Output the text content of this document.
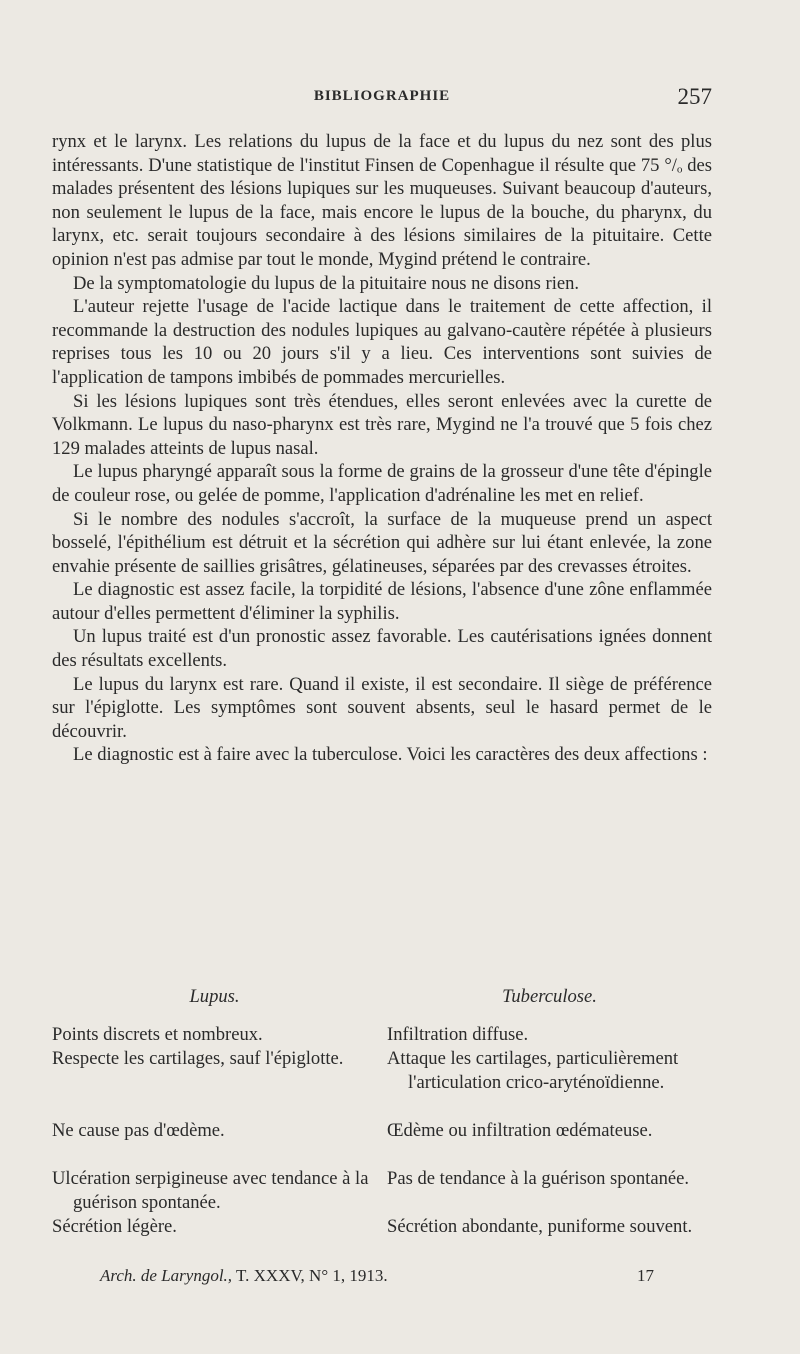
BIBLIOGRAPHIE	257

rynx et le larynx. Les relations du lupus de la face et du lupus du nez sont des plus intéressants. D'une statistique de l'institut Finsen de Copenhague il résulte que 75 °/ₒ des malades présentent des lésions lupiques sur les muqueuses. Suivant beaucoup d'auteurs, non seulement le lupus de la face, mais encore le lupus de la bouche, du pharynx, du larynx, etc. serait toujours secondaire à des lésions similaires de la pituitaire. Cette opinion n'est pas admise par tout le monde, Mygind prétend le contraire.

De la symptomatologie du lupus de la pituitaire nous ne disons rien.

L'auteur rejette l'usage de l'acide lactique dans le traitement de cette affection, il recommande la destruction des nodules lupiques au galvano-cautère répétée à plusieurs reprises tous les 10 ou 20 jours s'il y a lieu. Ces interventions sont suivies de l'application de tampons imbibés de pommades mercurielles.

Si les lésions lupiques sont très étendues, elles seront enlevées avec la curette de Volkmann. Le lupus du naso-pharynx est très rare, Mygind ne l'a trouvé que 5 fois chez 129 malades atteints de lupus nasal.

Le lupus pharyngé apparaît sous la forme de grains de la grosseur d'une tête d'épingle de couleur rose, ou gelée de pomme, l'application d'adrénaline les met en relief.

Si le nombre des nodules s'accroît, la surface de la muqueuse prend un aspect bosselé, l'épithélium est détruit et la sécrétion qui adhère sur lui étant enlevée, la zone envahie présente de saillies grisâtres, gélatineuses, séparées par des crevasses étroites.

Le diagnostic est assez facile, la torpidité de lésions, l'absence d'une zône enflammée autour d'elles permettent d'éliminer la syphilis.

Un lupus traité est d'un pronostic assez favorable. Les cautérisations ignées donnent des résultats excellents.

Le lupus du larynx est rare. Quand il existe, il est secondaire. Il siège de préférence sur l'épiglotte. Les symptômes sont souvent absents, seul le hasard permet de le découvrir.

Le diagnostic est à faire avec la tuberculose. Voici les caractères des deux affections :

Lupus.
Points discrets et nombreux.
Respecte les cartilages, sauf l'épiglotte.
Ne cause pas d'œdème.
Ulcération serpigineuse avec tendance à la guérison spontanée.
Sécrétion légère.
Tuberculose.
Infiltration diffuse.
Attaque les cartilages, particulièrement l'articulation crico-aryténoïdienne.
Œdème ou infiltration œdémateuse.
Pas de tendance à la guérison spontanée.
Sécrétion abondante, puniforme souvent.
Arch. de Laryngol., T. XXXV, N° 1, 1913.	17
